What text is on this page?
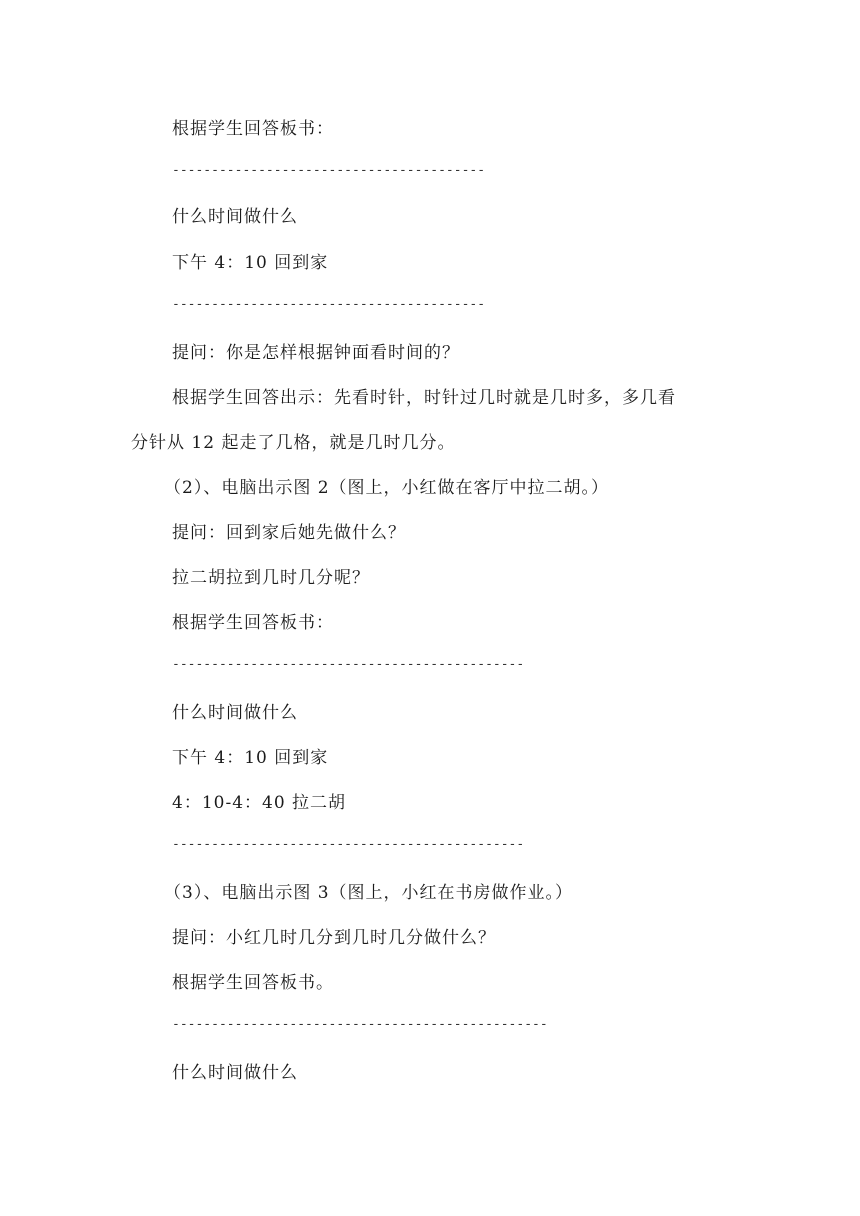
根据学生回答板书：
----------------------------------------
什么时间做什么
下午 4：10 回到家
----------------------------------------
提问：你是怎样根据钟面看时间的？
根据学生回答出示：先看时针，时针过几时就是几时多，多几看
分针从 12 起走了几格，就是几时几分。
（2）、电脑出示图 2（图上，小红做在客厅中拉二胡。）
提问：回到家后她先做什么？
拉二胡拉到几时几分呢？
根据学生回答板书：
---------------------------------------------
什么时间做什么
下午 4：10 回到家
4：10-4：40 拉二胡
---------------------------------------------
（3）、电脑出示图 3（图上，小红在书房做作业。）
提问：小红几时几分到几时几分做什么？
根据学生回答板书。
------------------------------------------------
什么时间做什么
